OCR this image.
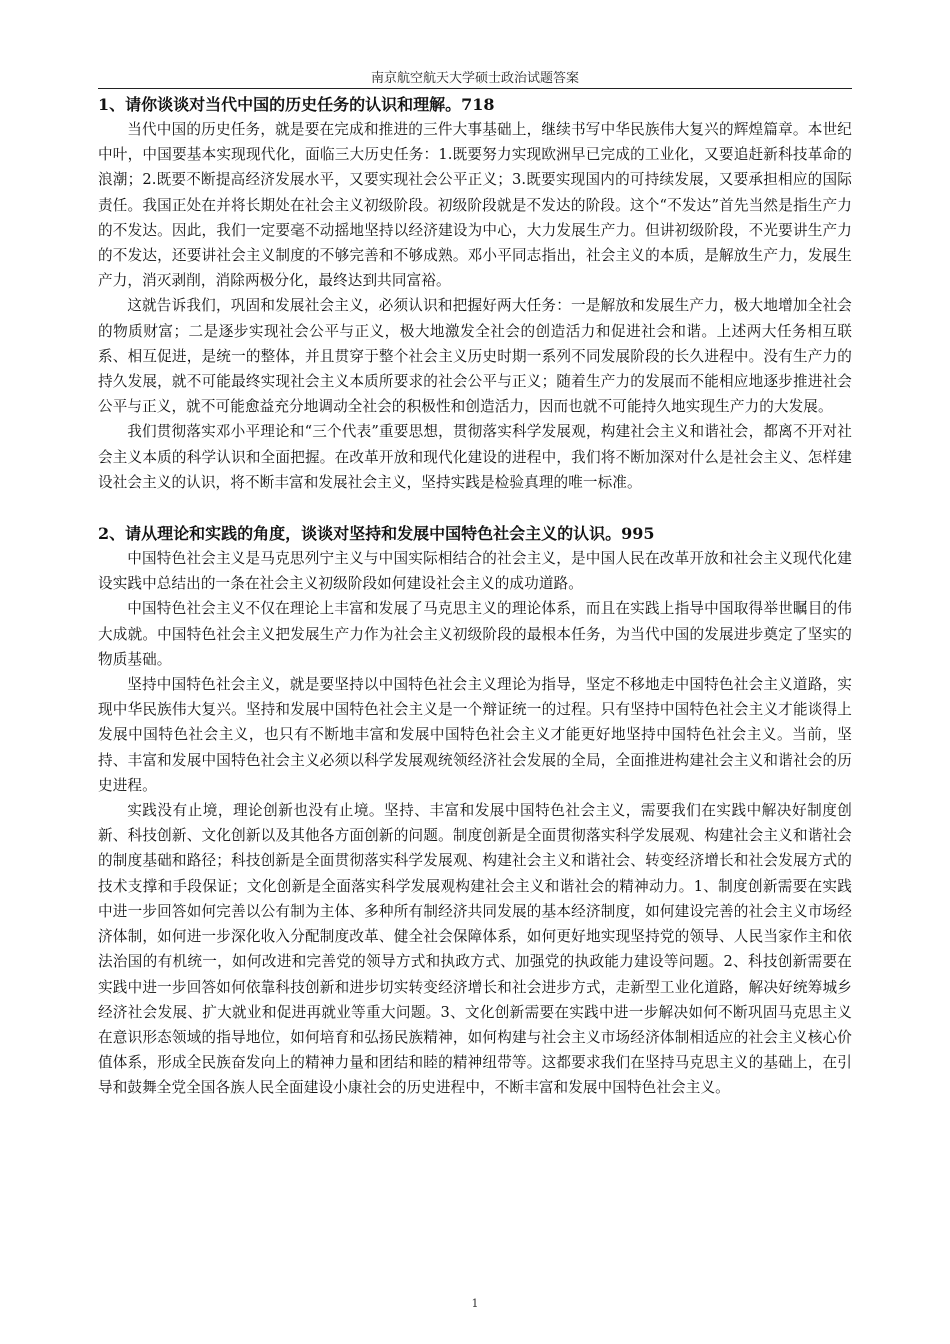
南京航空航天大学硕士政治试题答案

1、请你谈谈对当代中国的历史任务的认识和理解。718

当代中国的历史任务，就是要在完成和推进的三件大事基础上，继续书写中华民族伟大复兴的辉煌篇章。本世纪中叶，中国要基本实现现代化，面临三大历史任务：1.既要努力实现欧洲早已完成的工业化，又要追赶新科技革命的浪潮；2.既要不断提高经济发展水平，又要实现社会公平正义；3.既要实现国内的可持续发展，又要承担相应的国际责任。我国正处在并将长期处在社会主义初级阶段。初级阶段就是不发达的阶段。这个“不发达”首先当然是指生产力的不发达。因此，我们一定要毫不动摇地坚持以经济建设为中心，大力发展生产力。但讲初级阶段，不光要讲生产力的不发达，还要讲社会主义制度的不够完善和不够成熟。邓小平同志指出，社会主义的本质，是解放生产力，发展生产力，消灭剥削，消除两极分化，最终达到共同富裕。

这就告诉我们，巩固和发展社会主义，必须认识和把握好两大任务：一是解放和发展生产力，极大地增加全社会的物质财富；二是逐步实现社会公平与正义，极大地激发全社会的创造活力和促进社会和谐。上述两大任务相互联系、相互促进，是统一的整体，并且贯穿于整个社会主义历史时期一系列不同发展阶段的长久进程中。没有生产力的持久发展，就不可能最终实现社会主义本质所要求的社会公平与正义；随着生产力的发展而不能相应地逐步推进社会公平与正义，就不可能愈益充分地调动全社会的积极性和创造活力，因而也就不可能持久地实现生产力的大发展。

我们贯彻落实邓小平理论和“三个代表”重要思想，贯彻落实科学发展观，构建社会主义和谐社会，都离不开对社会主义本质的科学认识和全面把握。在改革开放和现代化建设的进程中，我们将不断加深对什么是社会主义、怎样建设社会主义的认识，将不断丰富和发展社会主义，坚持实践是检验真理的唯一标准。

2、请从理论和实践的角度，谈谈对坚持和发展中国特色社会主义的认识。995

中国特色社会主义是马克思列宁主义与中国实际相结合的社会主义，是中国人民在改革开放和社会主义现代化建设实践中总结出的一条在社会主义初级阶段如何建设社会主义的成功道路。

中国特色社会主义不仅在理论上丰富和发展了马克思主义的理论体系，而且在实践上指导中国取得举世瞩目的伟大成就。中国特色社会主义把发展生产力作为社会主义初级阶段的最根本任务，为当代中国的发展进步奠定了坚实的物质基础。

坚持中国特色社会主义，就是要坚持以中国特色社会主义理论为指导，坚定不移地走中国特色社会主义道路，实现中华民族伟大复兴。坚持和发展中国特色社会主义是一个辩证统一的过程。只有坚持中国特色社会主义才能谈得上发展中国特色社会主义，也只有不断地丰富和发展中国特色社会主义才能更好地坚持中国特色社会主义。当前，坚持、丰富和发展中国特色社会主义必须以科学发展观统领经济社会发展的全局，全面推进构建社会主义和谐社会的历史进程。

实践没有止境，理论创新也没有止境。坚持、丰富和发展中国特色社会主义，需要我们在实践中解决好制度创新、科技创新、文化创新以及其他各方面创新的问题。制度创新是全面贯彻落实科学发展观、构建社会主义和谐社会的制度基础和路径；科技创新是全面贯彻落实科学发展观、构建社会主义和谐社会、转变经济增长和社会发展方式的技术支撑和手段保证；文化创新是全面落实科学发展观构建社会主义和谐社会的精神动力。1、制度创新需要在实践中进一步回答如何完善以公有制为主体、多种所有制经济共同发展的基本经济制度，如何建设完善的社会主义市场经济体制，如何进一步深化收入分配制度改革、健全社会保障体系，如何更好地实现坚持党的领导、人民当家作主和依法治国的有机统一，如何改进和完善党的领导方式和执政方式、加强党的执政能力建设等问题。2、科技创新需要在实践中进一步回答如何依靠科技创新和进步切实转变经济增长和社会进步方式，走新型工业化道路，解决好统筹城乡经济社会发展、扩大就业和促进再就业等重大问题。3、文化创新需要在实践中进一步解决如何不断巩固马克思主义在意识形态领域的指导地位，如何培育和弘扬民族精神，如何构建与社会主义市场经济体制相适应的社会主义核心价值体系，形成全民族奋发向上的精神力量和团结和睦的精神纽带等。这都要求我们在坚持马克思主义的基础上，在引导和鼓舞全党全国各族人民全面建设小康社会的历史进程中，不断丰富和发展中国特色社会主义。

1
